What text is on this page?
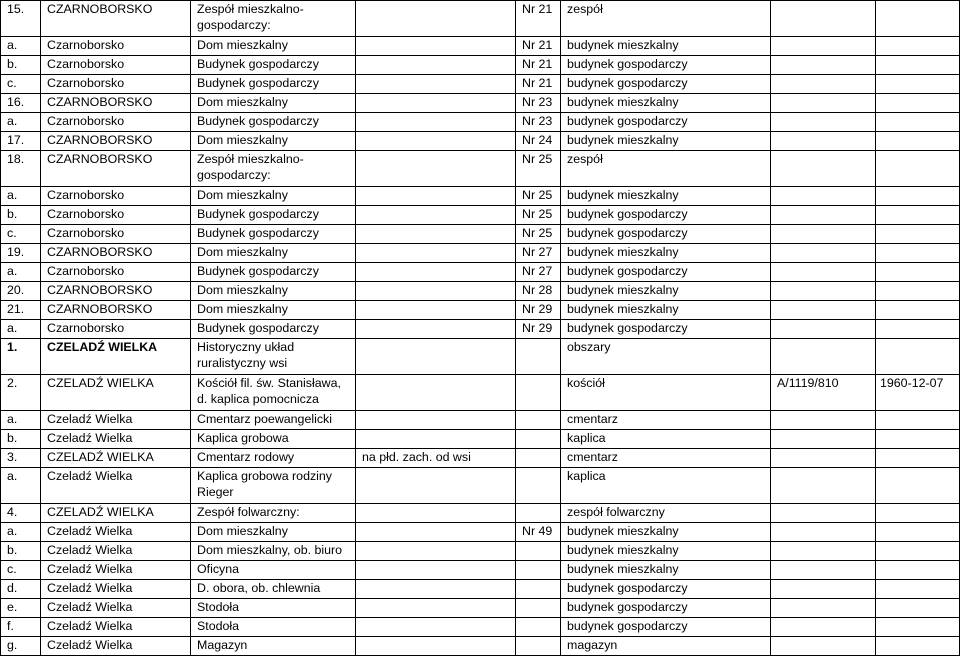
15.	CZARNOBORSKO	Zespół mieszkalno-
gospodarczy:		Nr 21	zespół		
a.	Czarnoborsko	Dom mieszkalny		Nr 21	budynek mieszkalny		
b.	Czarnoborsko	Budynek gospodarczy		Nr 21	budynek gospodarczy		
c.	Czarnoborsko	Budynek gospodarczy		Nr 21	budynek gospodarczy		
16.	CZARNOBORSKO	Dom mieszkalny		Nr 23	budynek mieszkalny		
a.	Czarnoborsko	Budynek gospodarczy		Nr 23	budynek gospodarczy		
17.	CZARNOBORSKO	Dom mieszkalny		Nr 24	budynek mieszkalny		
18.	CZARNOBORSKO	Zespół mieszkalno-
gospodarczy:		Nr 25	zespół		
a.	Czarnoborsko	Dom mieszkalny		Nr 25	budynek mieszkalny		
b.	Czarnoborsko	Budynek gospodarczy		Nr 25	budynek gospodarczy		
c.	Czarnoborsko	Budynek gospodarczy		Nr 25	budynek gospodarczy		
19.	CZARNOBORSKO	Dom mieszkalny		Nr 27	budynek mieszkalny		
a.	Czarnoborsko	Budynek gospodarczy		Nr 27	budynek gospodarczy		
20.	CZARNOBORSKO	Dom mieszkalny		Nr 28	budynek mieszkalny		
21.	CZARNOBORSKO	Dom mieszkalny		Nr 29	budynek mieszkalny		
a.	Czarnoborsko	Budynek gospodarczy		Nr 29	budynek gospodarczy		
1.	CZELADŹ WIELKA	Historyczny układ
ruralistyczny wsi			obszary		
2.	CZELADŹ WIELKA	Kościół fil. św. Stanisława,
d. kaplica pomocnicza			kościół	A/1119/810	1960-12-07
a.	Czeladź Wielka	Cmentarz poewangelicki			cmentarz		
b.	Czeladź Wielka	Kaplica grobowa			kaplica		
3.	CZELADŹ WIELKA	Cmentarz rodowy	na płd. zach. od wsi		cmentarz		
a.	Czeladź Wielka	Kaplica grobowa rodziny
Rieger			kaplica		
4.	CZELADŹ WIELKA	Zespół folwarczny:			zespół folwarczny		
a.	Czeladź Wielka	Dom mieszkalny		Nr 49	budynek mieszkalny		
b.	Czeladź Wielka	Dom mieszkalny, ob. biuro			budynek mieszkalny		
c.	Czeladź Wielka	Oficyna			budynek mieszkalny		
d.	Czeladź Wielka	D. obora, ob. chlewnia			budynek gospodarczy		
e.	Czeladź Wielka	Stodoła			budynek gospodarczy		
f.	Czeladź Wielka	Stodoła			budynek gospodarczy		
g.	Czeladź Wielka	Magazyn			magazyn		
